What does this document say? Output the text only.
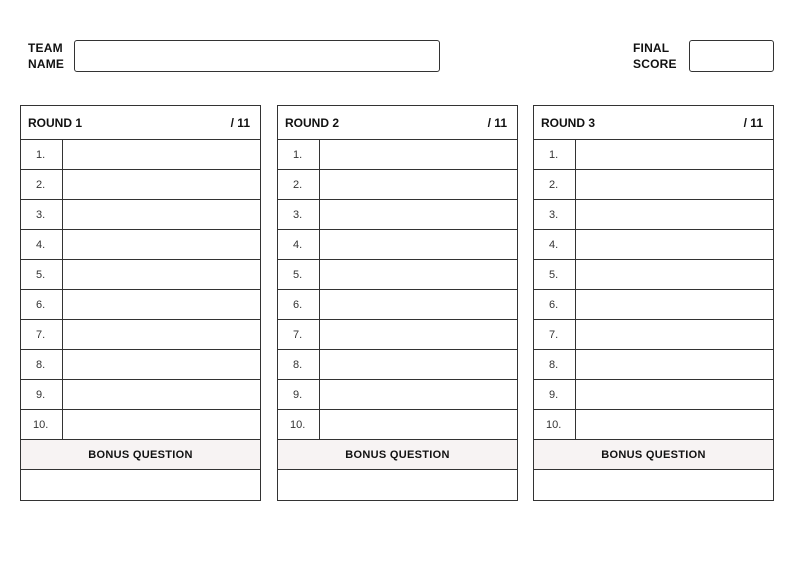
TEAM
NAME
FINAL
SCORE
ROUND 1	/ 11
1.
2.
3.
4.
5.
6.
7.
8.
9.
10.
BONUS QUESTION
ROUND 2	/ 11
1.
2.
3.
4.
5.
6.
7.
8.
9.
10.
BONUS QUESTION
ROUND 3	/ 11
1.
2.
3.
4.
5.
6.
7.
8.
9.
10.
BONUS QUESTION
